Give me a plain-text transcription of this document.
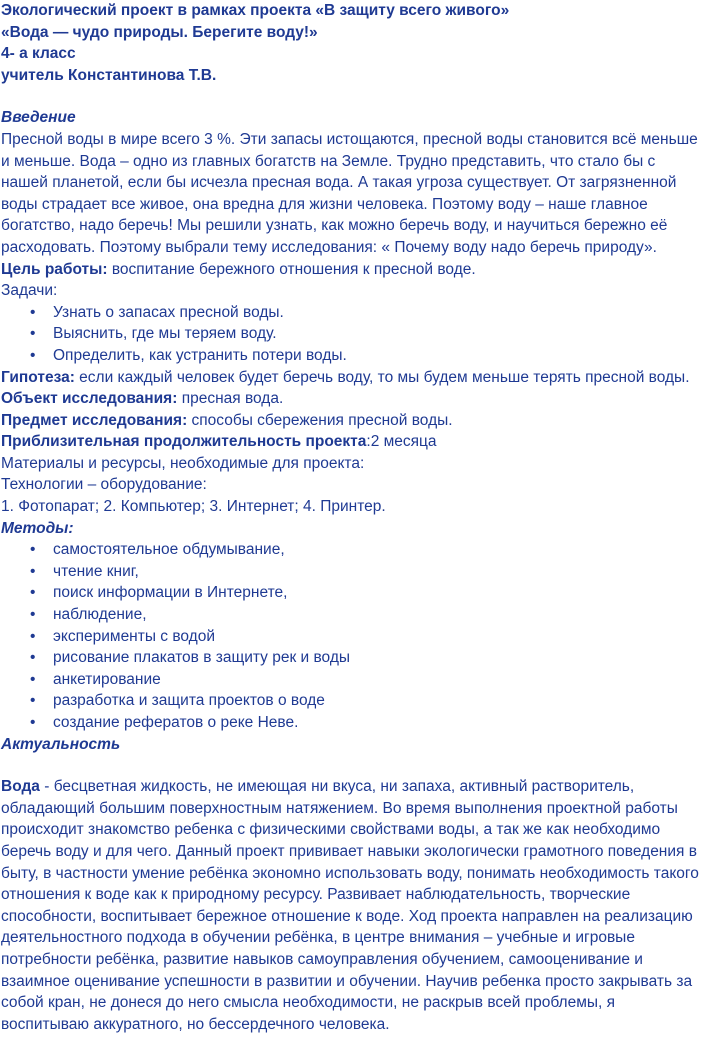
Экологический проект в рамках проекта «В защиту всего живого»

«Вода — чудо природы. Берегите воду!»

4- а класс

учитель Константинова Т.В.

Введение

Пресной воды в мире всего 3 %. Эти запасы истощаются, пресной воды становится всё меньше и меньше. Вода – одно из главных богатств на Земле. Трудно представить, что стало бы с нашей планетой, если бы исчезла пресная вода. А такая угроза существует. От загрязненной воды страдает все живое, она вредна для жизни человека. Поэтому воду – наше главное богатство, надо беречь! Мы решили узнать, как можно беречь воду, и научиться бережно её расходовать. Поэтому выбрали тему исследования: « Почему воду надо беречь природу».

Цель работы: воспитание бережного отношения к пресной воде.

Задачи:

• Узнать о запасах пресной воды.
• Выяснить, где мы теряем воду.
• Определить, как устранить потери воды.

Гипотеза: если каждый человек будет беречь воду, то мы будем меньше терять пресной воды.

Объект исследования: пресная вода.

Предмет исследования: способы сбережения пресной воды.

Приблизительная продолжительность проекта:2 месяца

Материалы и ресурсы, необходимые для проекта:

Технологии – оборудование:

1. Фотопарат; 2. Компьютер; 3. Интернет; 4. Принтер.

Методы:

• самостоятельное обдумывание,
• чтение книг,
• поиск информации в Интернете,
• наблюдение,
• эксперименты с водой
• рисование плакатов в защиту рек и воды
• анкетирование
• разработка и защита проектов о воде
• создание рефератов о реке Неве.

Актуальность

Вода - бесцветная жидкость, не имеющая ни вкуса, ни запаха, активный растворитель, обладающий большим поверхностным натяжением. Во время выполнения проектной работы происходит знакомство ребенка с физическими свойствами воды, а так же как необходимо беречь воду и для чего. Данный проект прививает навыки экологически грамотного поведения в быту, в частности умение ребёнка экономно использовать воду, понимать необходимость такого отношения к воде как к природному ресурсу. Развивает наблюдательность, творческие способности, воспитывает бережное отношение к воде. Ход проекта направлен на реализацию деятельностного подхода в обучении ребёнка, в центре внимания – учебные и игровые потребности ребёнка, развитие навыков самоуправления обучением, самооценивание и взаимное оценивание успешности в развитии и обучении. Научив ребенка просто закрывать за собой кран, не донеся до него смысла необходимости, не раскрыв всей проблемы, я воспитываю аккуратного, но бессердечного человека.
